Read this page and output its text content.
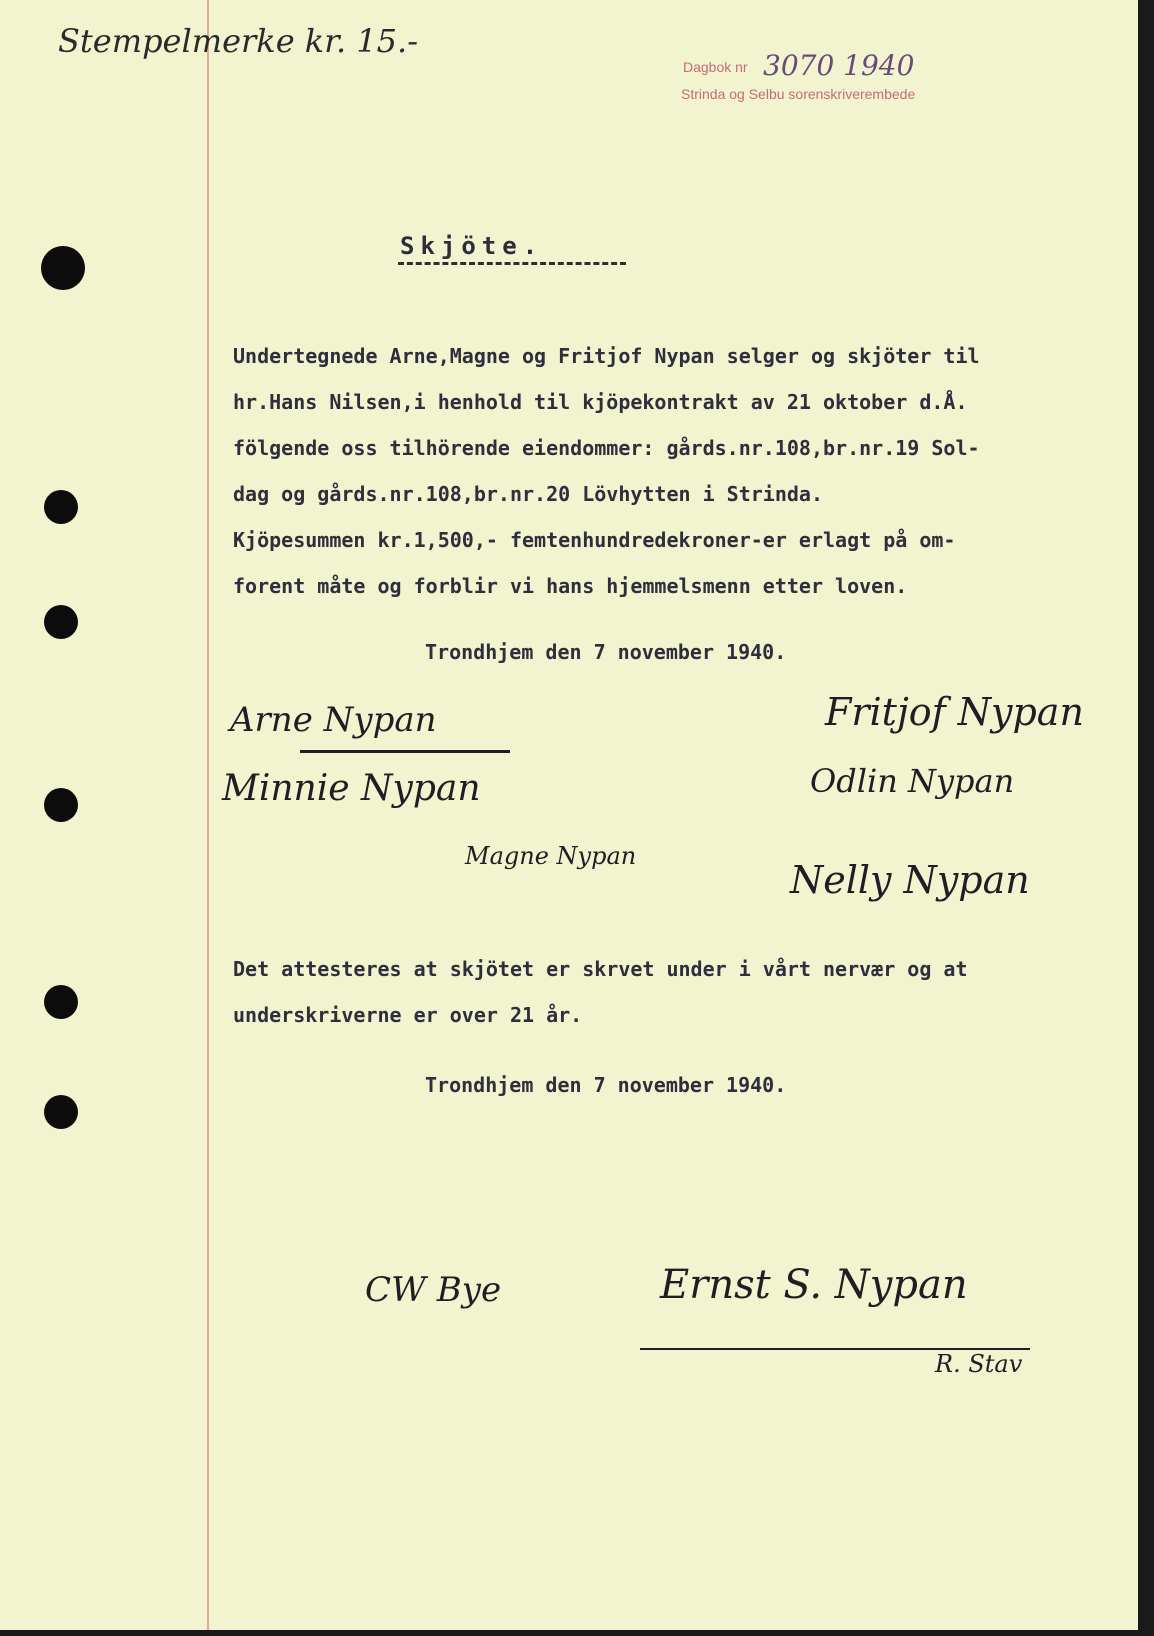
Stempelmerke kr. 15.-
Dagbok nr 3070 1940
Strinda og Selbu sorenskriverembede
Skjöte.
Undertegnede Arne,Magne og Fritjof Nypan selger og skjöter til
hr.Hans Nilsen,i henhold til kjöpekontrakt av 21 oktober d.Å.
fölgende oss tilhörende eiendommer: gårds.nr.108,br.nr.19 Sol-
dag og gårds.nr.108,br.nr.20 Lövhytten i Strinda.
Kjöpesummen kr.1,500,- femtenhundredekroner-er erlagt på om-
forent måte og forblir vi hans hjemmelsmenn etter loven.
Trondhjem den 7 november 1940.
Arne Nypan
Minnie Nypan
Magne Nypan
Fritjof Nypan
Odlin Nypan
Nelly Nypan
Det attesteres at skjötet er skrvet under i vårt nervær og at
underskriverne er over 21 år.
Trondhjem den 7 november 1940.
CW Bye	Ernst S. Nypan
R. Stav
